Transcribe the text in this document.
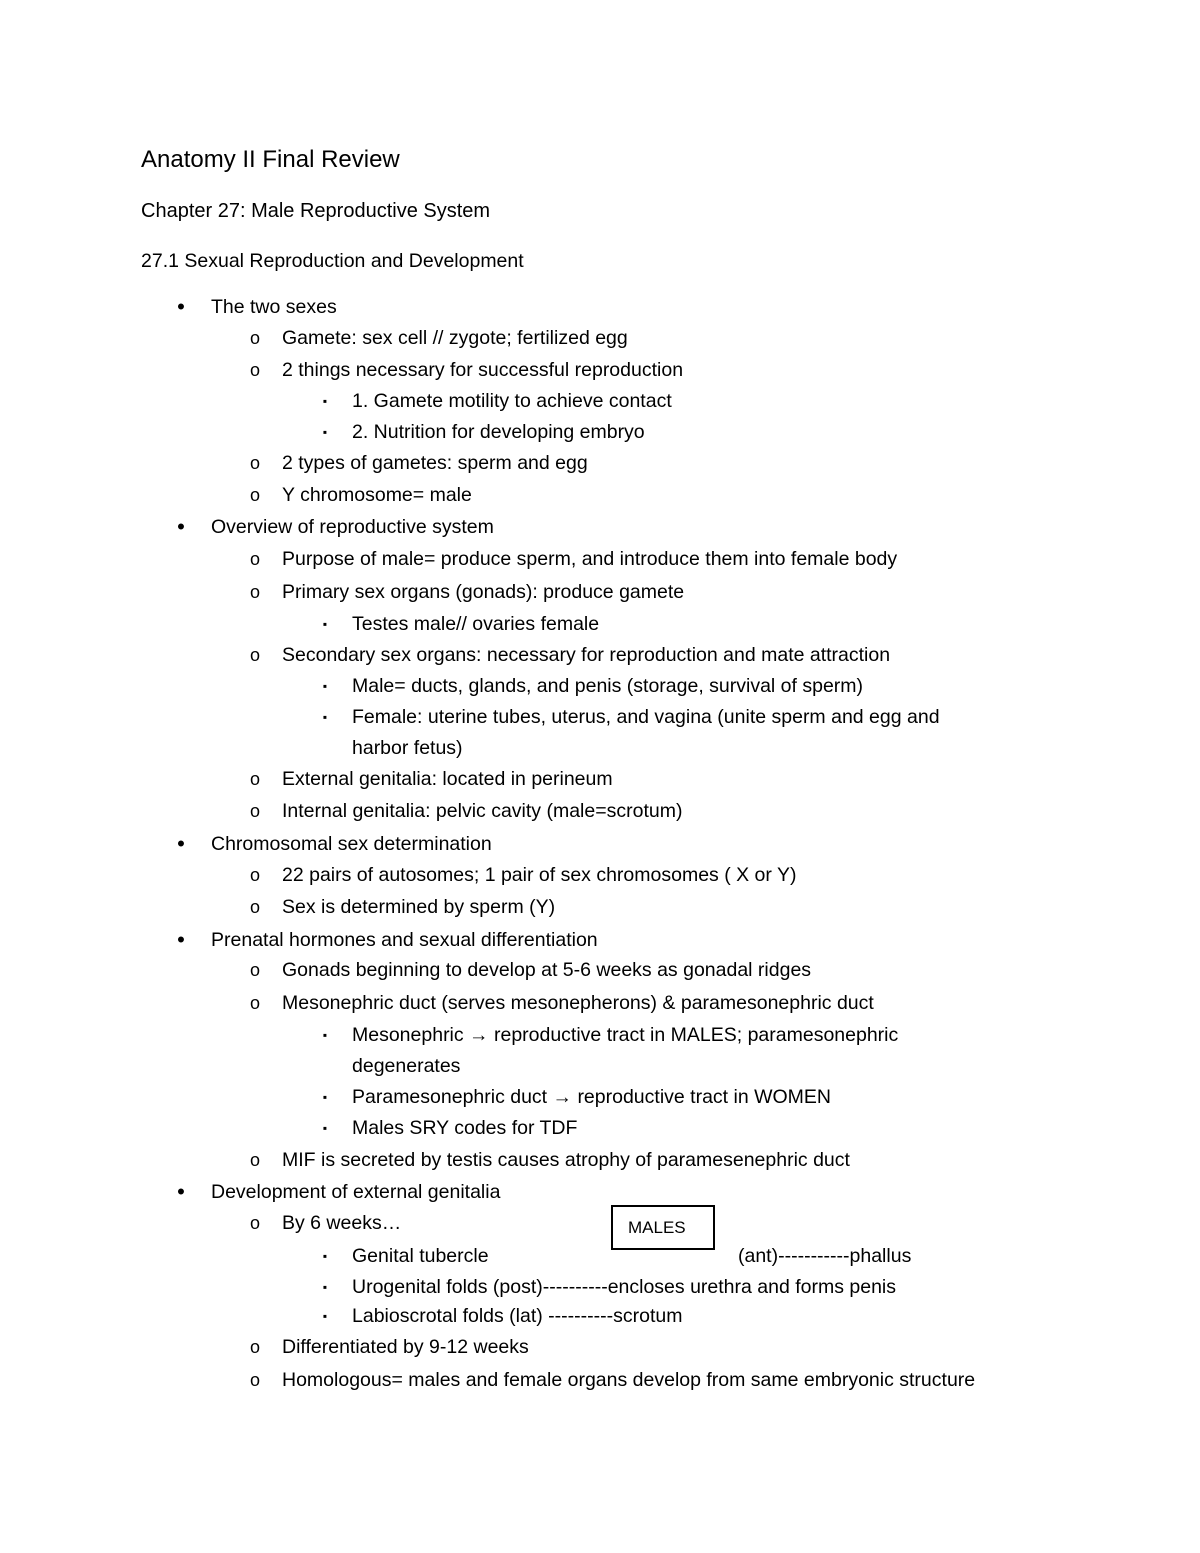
Anatomy II Final Review
Chapter 27: Male Reproductive System
27.1 Sexual Reproduction and Development
•	The two sexes
o Gamete: sex cell // zygote; fertilized egg
o 2 things necessary for successful reproduction
▪	1. Gamete motility to achieve contact
▪	2. Nutrition for developing embryo
o 2 types of gametes: sperm and egg
o Y chromosome= male
•	Overview of reproductive system
o Purpose of male= produce sperm, and introduce them into female body
o Primary sex organs (gonads): produce gamete
▪	Testes male// ovaries female
o Secondary sex organs: necessary for reproduction and mate attraction
▪	Male= ducts, glands, and penis (storage, survival of sperm)
▪	Female: uterine tubes, uterus, and vagina (unite sperm and egg and
harbor fetus)
o External genitalia: located in perineum
o Internal genitalia: pelvic cavity (male=scrotum)
•	Chromosomal sex determination
o 22 pairs of autosomes; 1 pair of sex chromosomes ( X or Y)
o Sex is determined by sperm (Y)
•	Prenatal hormones and sexual differentiation
o Gonads beginning to develop at 5-6 weeks as gonadal ridges
o Mesonephric duct (serves mesonepherons) & paramesonephric duct
▪	Mesonephric → reproductive tract in MALES; paramesonephric
degenerates
▪	Paramesonephric duct → reproductive tract in WOMEN
▪	Males SRY codes for TDF
o MIF is secreted by testis causes atrophy of paramesenephric duct
•	Development of external genitalia
o By 6 weeks…
▪	Genital tubercle
▪	Urogenital folds (post)----------encloses urethra and forms penis
▪	Labioscrotal folds (lat) ----------scrotum
o Differentiated by 9-12 weeks
o Homologous= males and female organs develop from same embryonic structure
MALES
(ant)-----------phallus
